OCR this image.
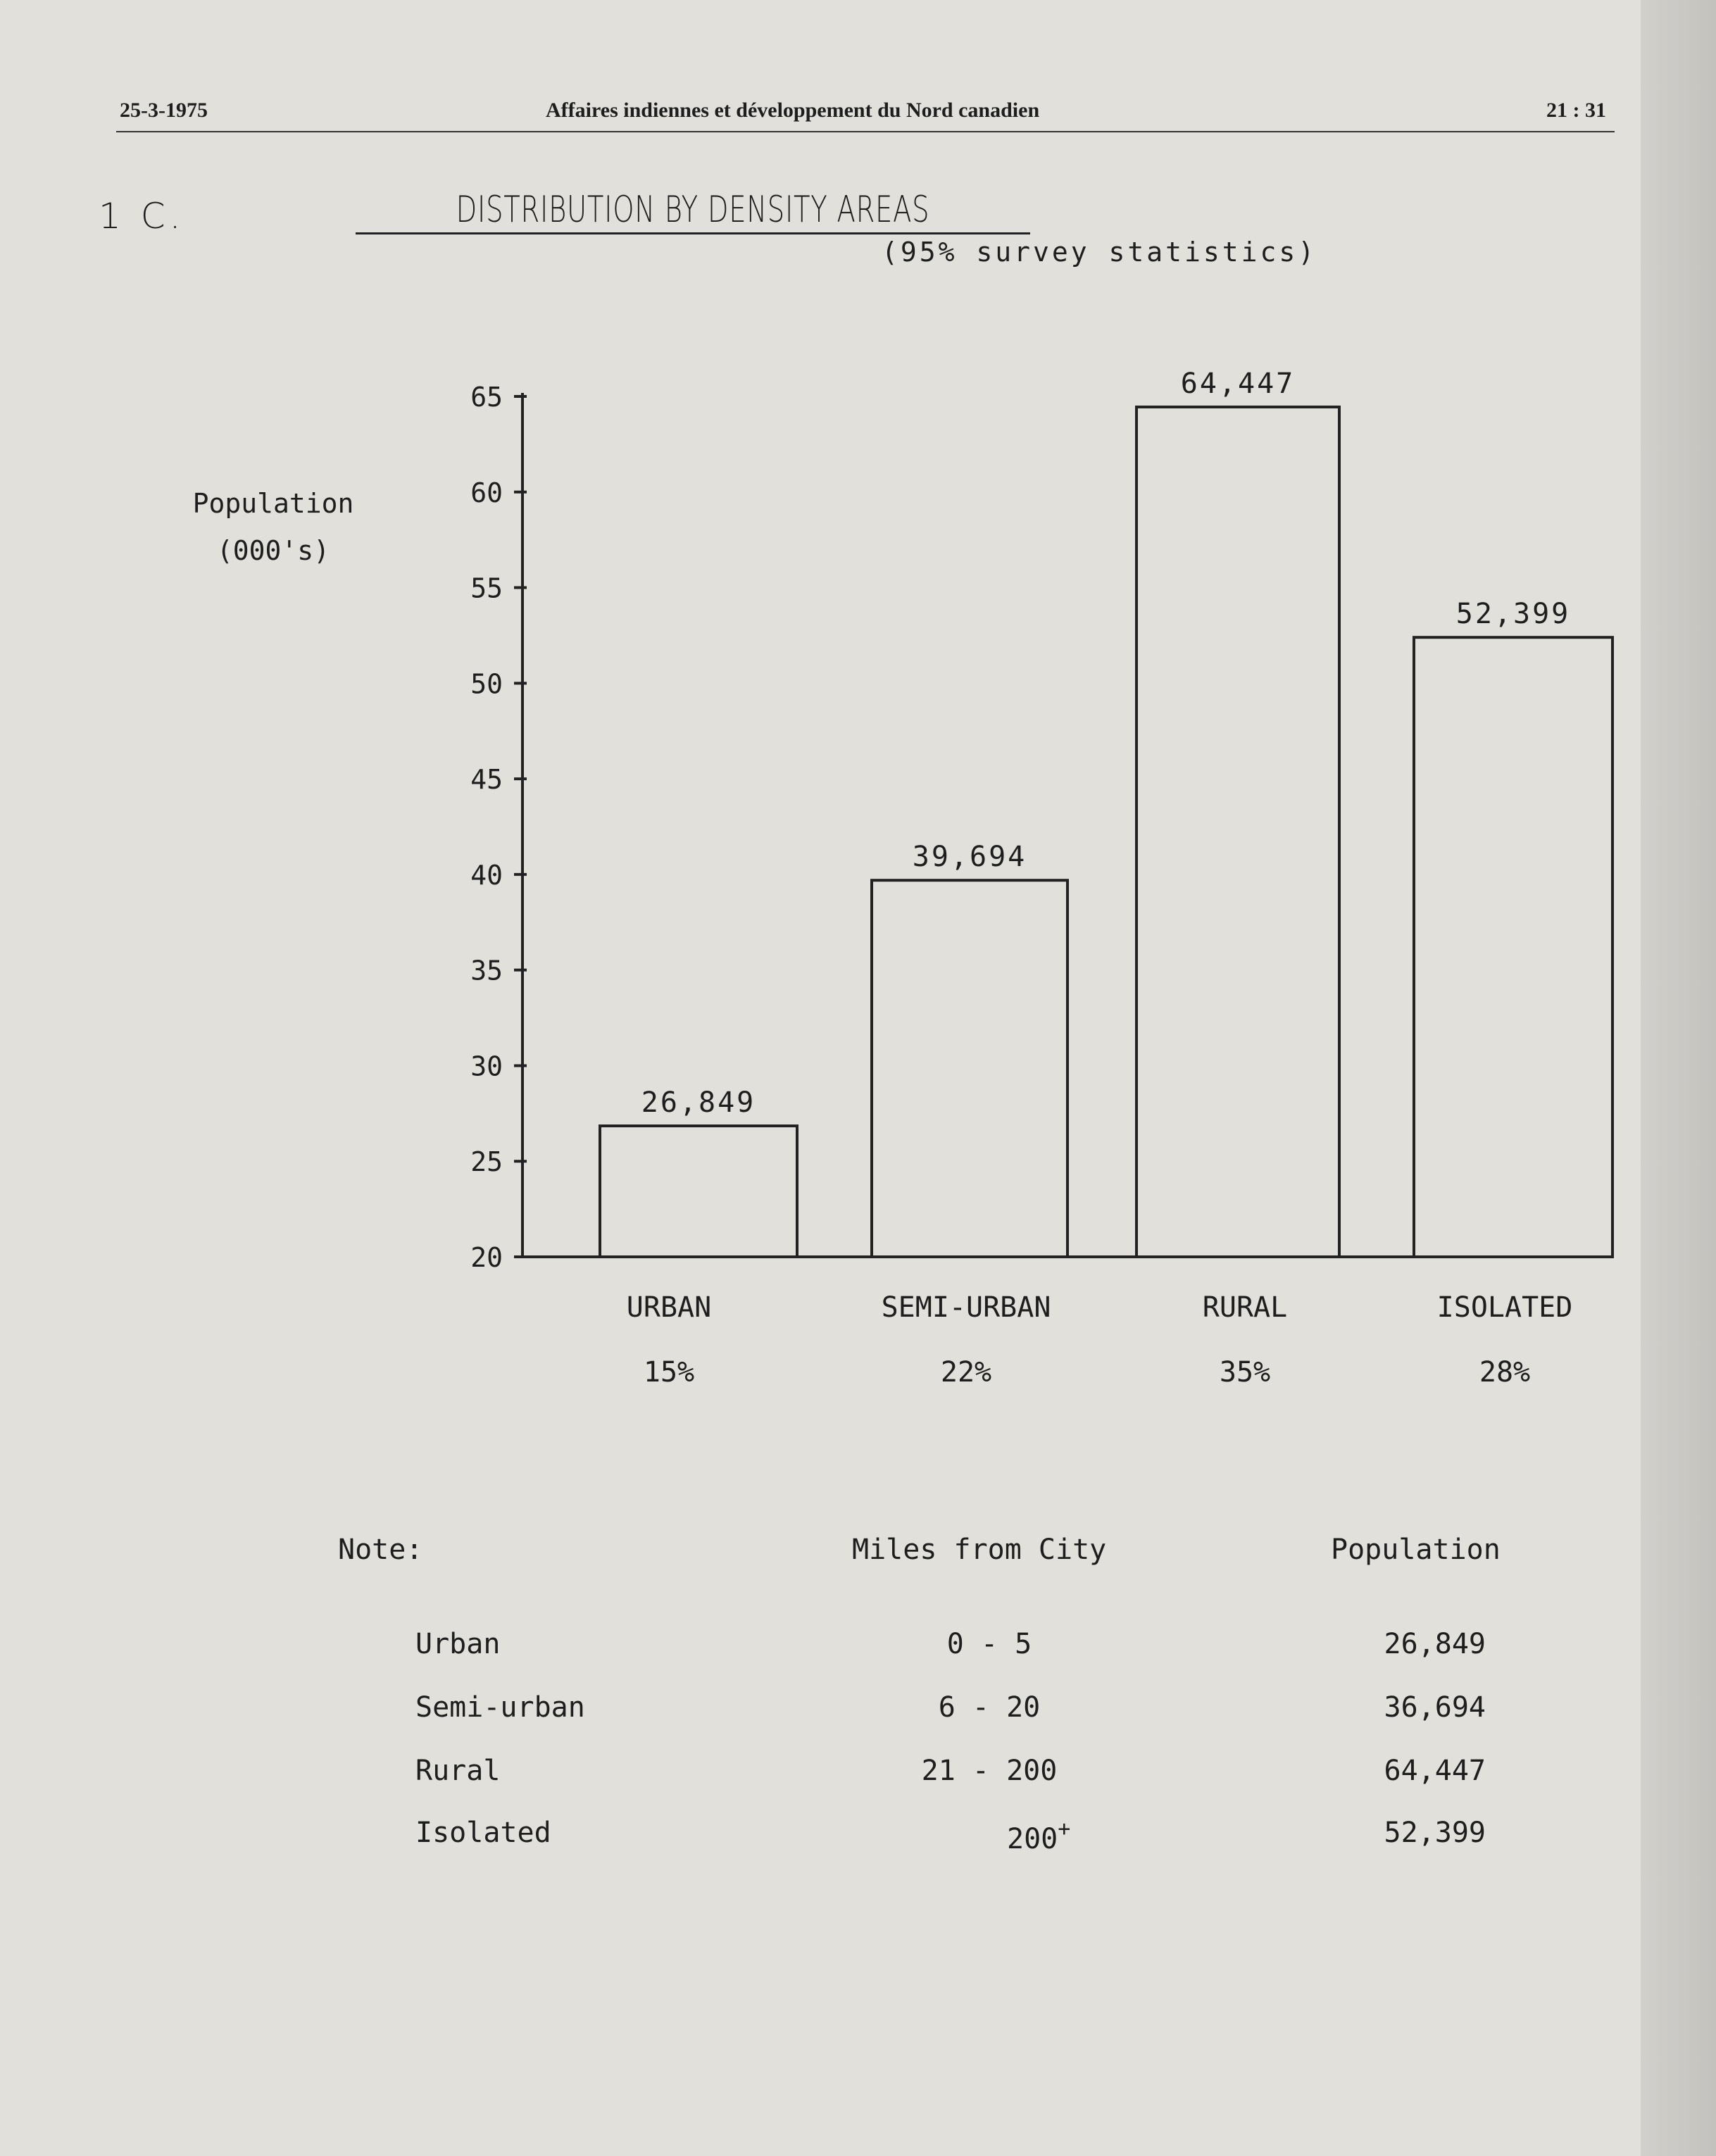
25-3-1975	Affaires indiennes et développement du Nord canadien	21 : 31
1 C.	DISTRIBUTION BY DENSITY AREAS
(95% survey statistics)
Population
(000's)
20
25
30
35
40
45
50
55
60
65
26,849
URBAN
15%
39,694
SEMI-URBAN
22%
64,447
RURAL
35%
52,399
ISOLATED
28%
Note:	Miles from City	Population
Urban	0 - 5	26,849
Semi-urban	6 - 20	36,694
Rural	21 - 200	64,447
Isolated	200+	52,399
